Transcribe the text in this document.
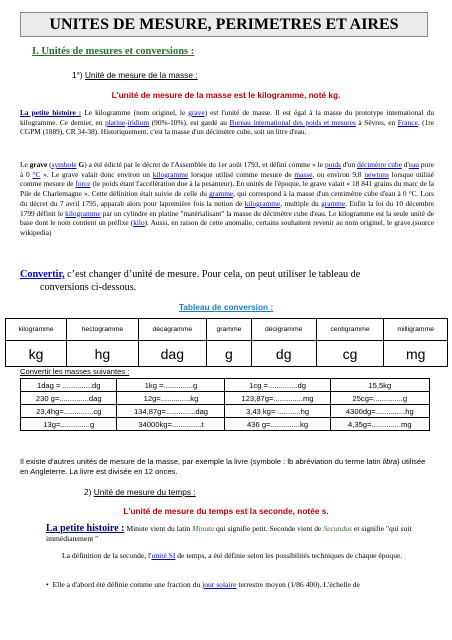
UNITES DE MESURE, PERIMETRES ET AIRES
I. Unités de mesures et conversions :
1°) Unité de mesure de la masse :
L'unité de mesure de la masse est le kilogramme, noté kg.
La petite histoire : Le kilogramme (nom originel, le grave) est l'unité de masse. Il est égal à la masse du prototype international du kilogramme. Ce dernier, en platine-iridium (90%-10%), est gardé au Bureau international des poids et mesures à Sèvres, en France. (1re CGPM (1889), CR 34-38). Historiquement, c'est la masse d'un décimètre cube, soit un litre d'eau.
Le grave (symbole G) a été édicté par le décret de l'Assemblée du 1er août 1793, et défini comme « le poids d'un décimètre cube d'eau pure à 0 °C ». Le grave valait donc environ un kilogramme lorsque utilisé comme mesure de masse, ou environ 9,8 newtons lorsque utilisé comme mesure de force (le poids étant l'accélération due à la pesanteur). En unités de l'époque, le grave valait « 18 841 grains du marc de la Pile de Charlemagne ». Cette définition était suivie de celle du gramme, qui correspond à la masse d'un centimètre cube d'eau à 0 °C. Lors du décret du 7 avril 1795, apparaît alors pour lapremière fois la notion de kilogramme, multiple du gramme. Enfin la loi du 10 décembre 1799 définit le kilogramme par un cylindre en platine "matérialisant" la masse du décimètre cube d'eau. Le kilogramme est la seule unité de base dont le nom contient un préfixe (kilo). Aussi, en raison de cette anomalie, certains souhaitent revenir au nom originel, le grave.(source wikipedia)
Convertir, c’est changer d’unité de mesure. Pour cela, on peut utiliser le tableau de
conversions ci-dessous.
Tableau de conversion :
kilogramme	hectogramme	décagramme	gramme	décigramme	centigramme	milligramme
kg	hg	dag	g	dg	cg	mg
Convertir les masses suivantes :
1dag = ..............dg	1kg =..............g	1cg =..............dg	15,5kg
230 g=..............dag	12g=..............kg	123,87g=..............mg	25cg=..............g
23,4hg=..............cg	134,87g=..............dag	3,43 kg= ...........hg	4300dg=..............hg
13g=..............g	34000kg=..............t	436 g=..............kg	4,35g=..............mg
Il existe d'autres unités de mesure de la masse, par exemple la livre (symbole : lb abréviation du terme latin libra) utilisée en Angleterre. La livre est divisée en 12 onces.
2) Unité de mesure du temps :
L'unité de mesure du temps est la seconde, notée s.
La petite histoire : Minute vient du latin Minuta qui signifie petit. Seconde vient de Secundus et signifie "qui suit immédiatement "
La définition de la seconde, l'unité SI de temps, a été définie selon les possibilités techniques de chaque époque.
•  Elle a d'abord été définie comme une fraction du jour solaire terrestre moyen (1/86 400). L'échelle de
